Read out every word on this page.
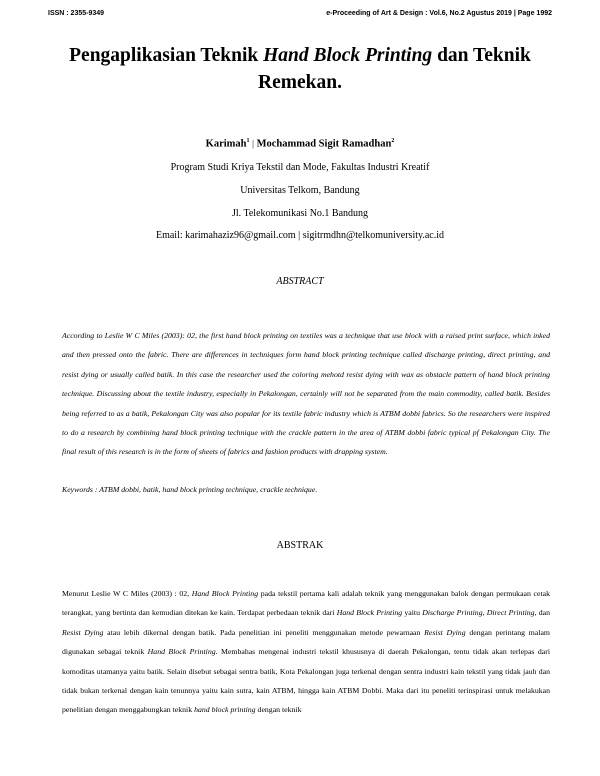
ISSN : 2355-9349	e-Proceeding of Art & Design : Vol.6, No.2 Agustus 2019 | Page 1992
Pengaplikasian Teknik Hand Block Printing dan Teknik Remekan.
Karimah$^1$ | Mochammad Sigit Ramadhan$^2$
Program Studi Kriya Tekstil dan Mode, Fakultas Industri Kreatif
Universitas Telkom, Bandung
Jl. Telekomunikasi No.1 Bandung
Email: karimahaziz96@gmail.com | sigitrmdhn@telkomuniversity.ac.id
ABSTRACT
According to Leslie W C Miles (2003): 02, the first hand block printing on textiles was a technique that use block with a raised print surface, which inked and then pressed onto the fabric. There are differences in techniques form hand block printing technique called discharge printing, direct printing, and resist dying or usually called batik. In this case the researcher used the coloring mehotd resist dying with wax as obstacle pattern of hand block printing technique. Discussing about the textile industry, especially in Pekalongan, certainly will not be separated from the main commodity, called batik. Besides being referred to as a batik, Pekalongan City was also popular for its textile fabric industry which is ATBM dobbi fabrics. So the researchers were inspired to do a research by combining hand block printing technique with the crackle pattern in the area of ATBM dobbi fabric typical pf Pekalongan City. The final result of this research is in the form of sheets of fabrics and fashion products with drapping system.
Keywords : ATBM dobbi, batik, hand block printing technique, crackle technique.
ABSTRAK
Menurut Leslie W C Miles (2003) : 02, Hand Block Printing pada tekstil pertama kali adalah teknik yang menggunakan balok dengan permukaan cetak terangkat, yang bertinta dan kemudian ditekan ke kain. Terdapat perbedaan teknik dari Hand Block Printing yaitu Discharge Printing, Direct Printing, dan Resist Dying atau lebih dikernal dengan batik. Pada penelitian ini peneliti menggunakan metode pewarnaan Resist Dying dengan perintang malam digunakan sebagai teknik Hand Block Printing. Membahas mengenai industri tekstil khususnya di daerah Pekalongan, tentu tidak akan terlepas dari komoditas utamanya yaitu batik. Selain disebut sebagai sentra batik, Kota Pekalongan juga terkenal dengan sentra industri kain tekstil yang tidak jauh dan tidak bukan terkenal dengan kain tenunnya yaitu kain sutra, kain ATBM, hingga kain ATBM Dobbi. Maka dari itu peneliti terinspirasi untuk melakukan penelitian dengan menggabungkan teknik hand block printing dengan teknik
